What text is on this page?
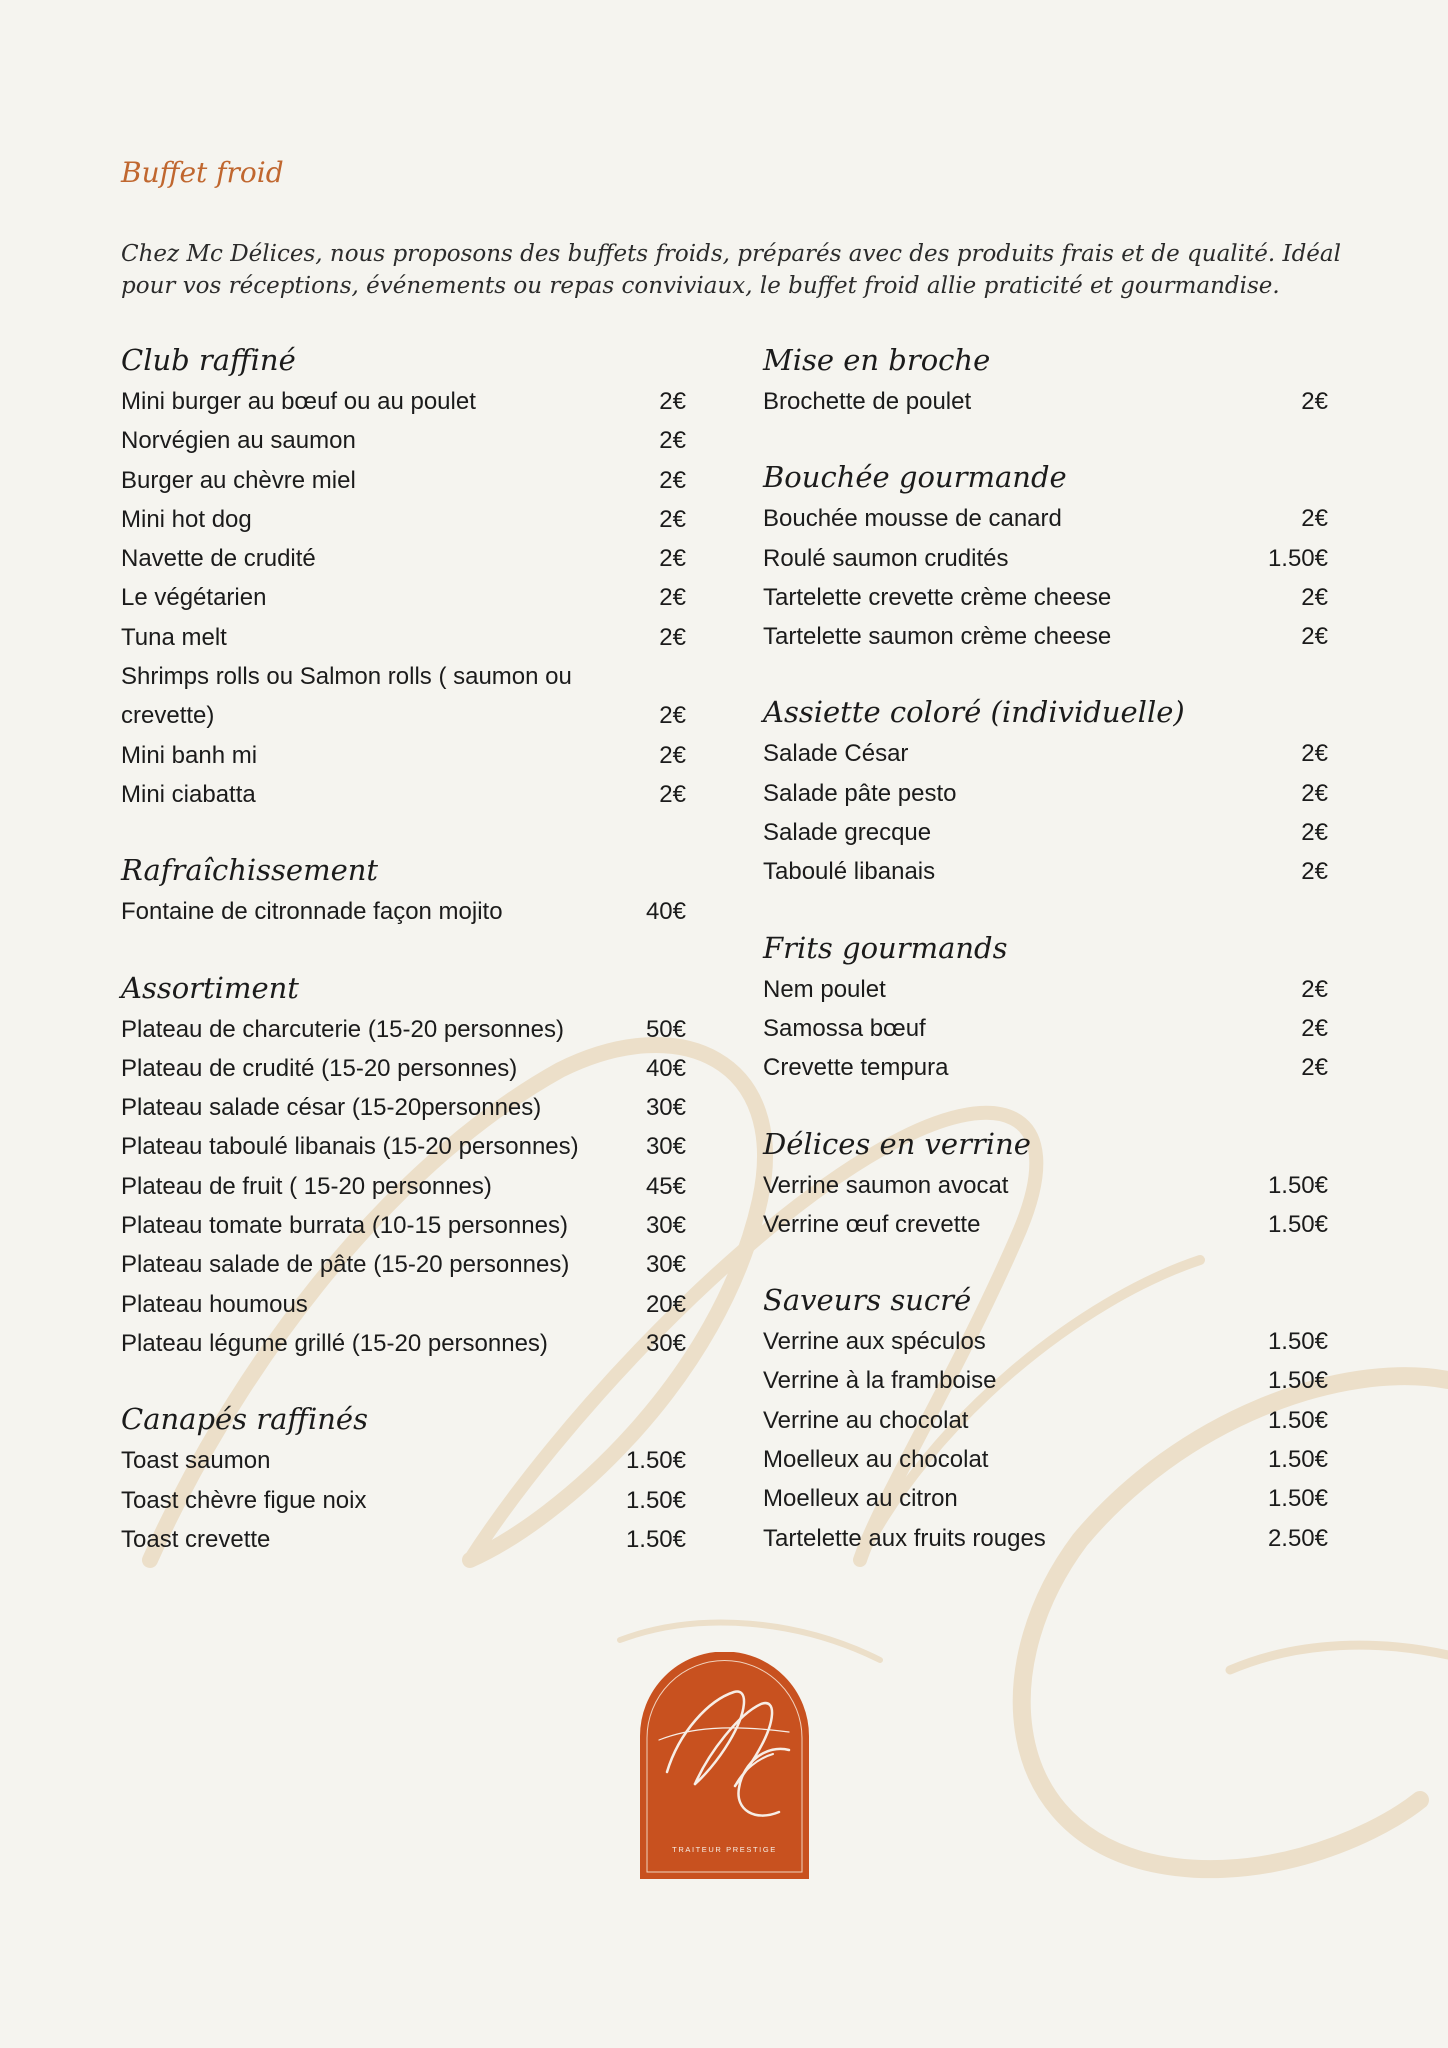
Buffet froid

Chez Mc Délices, nous proposons des buffets froids, préparés avec des produits frais et de qualité. Idéal pour vos réceptions, événements ou repas conviviaux, le buffet froid allie praticité et gourmandise.

Club raffiné
Mini burger au bœuf ou au poulet	2€
Norvégien au saumon	2€
Burger au chèvre miel	2€
Mini hot dog	2€
Navette de crudité	2€
Le végétarien	2€
Tuna melt	2€
Shrimps rolls ou Salmon rolls ( saumon ou crevette)	2€
Mini banh mi	2€
Mini ciabatta	2€
Rafraîchissement
Fontaine de citronnade façon mojito	40€
Assortiment
Plateau de charcuterie (15-20 personnes)	50€
Plateau de crudité (15-20 personnes)	40€
Plateau salade césar (15-20personnes)	30€
Plateau taboulé libanais (15-20 personnes)	30€
Plateau de fruit ( 15-20 personnes)	45€
Plateau tomate burrata (10-15 personnes)	30€
Plateau salade de pâte (15-20 personnes)	30€
Plateau houmous	20€
Plateau légume grillé (15-20 personnes)	30€
Canapés raffinés
Toast saumon	1.50€
Toast chèvre figue noix	1.50€
Toast crevette	1.50€
Mise en broche
Brochette de poulet	2€
Bouchée gourmande
Bouchée mousse de canard	2€
Roulé saumon crudités	1.50€
Tartelette crevette crème cheese	2€
Tartelette saumon crème cheese	2€
Assiette coloré (individuelle)
Salade César	2€
Salade pâte pesto	2€
Salade grecque	2€
Taboulé libanais	2€
Frits gourmands
Nem poulet	2€
Samossa bœuf	2€
Crevette tempura	2€
Délices en verrine
Verrine saumon avocat	1.50€
Verrine œuf crevette	1.50€
Saveurs sucré
Verrine aux spéculos	1.50€
Verrine à la framboise	1.50€
Verrine au chocolat	1.50€
Moelleux au chocolat	1.50€
Moelleux au citron	1.50€
Tartelette aux fruits rouges	2.50€
TRAITEUR PRESTIGE
